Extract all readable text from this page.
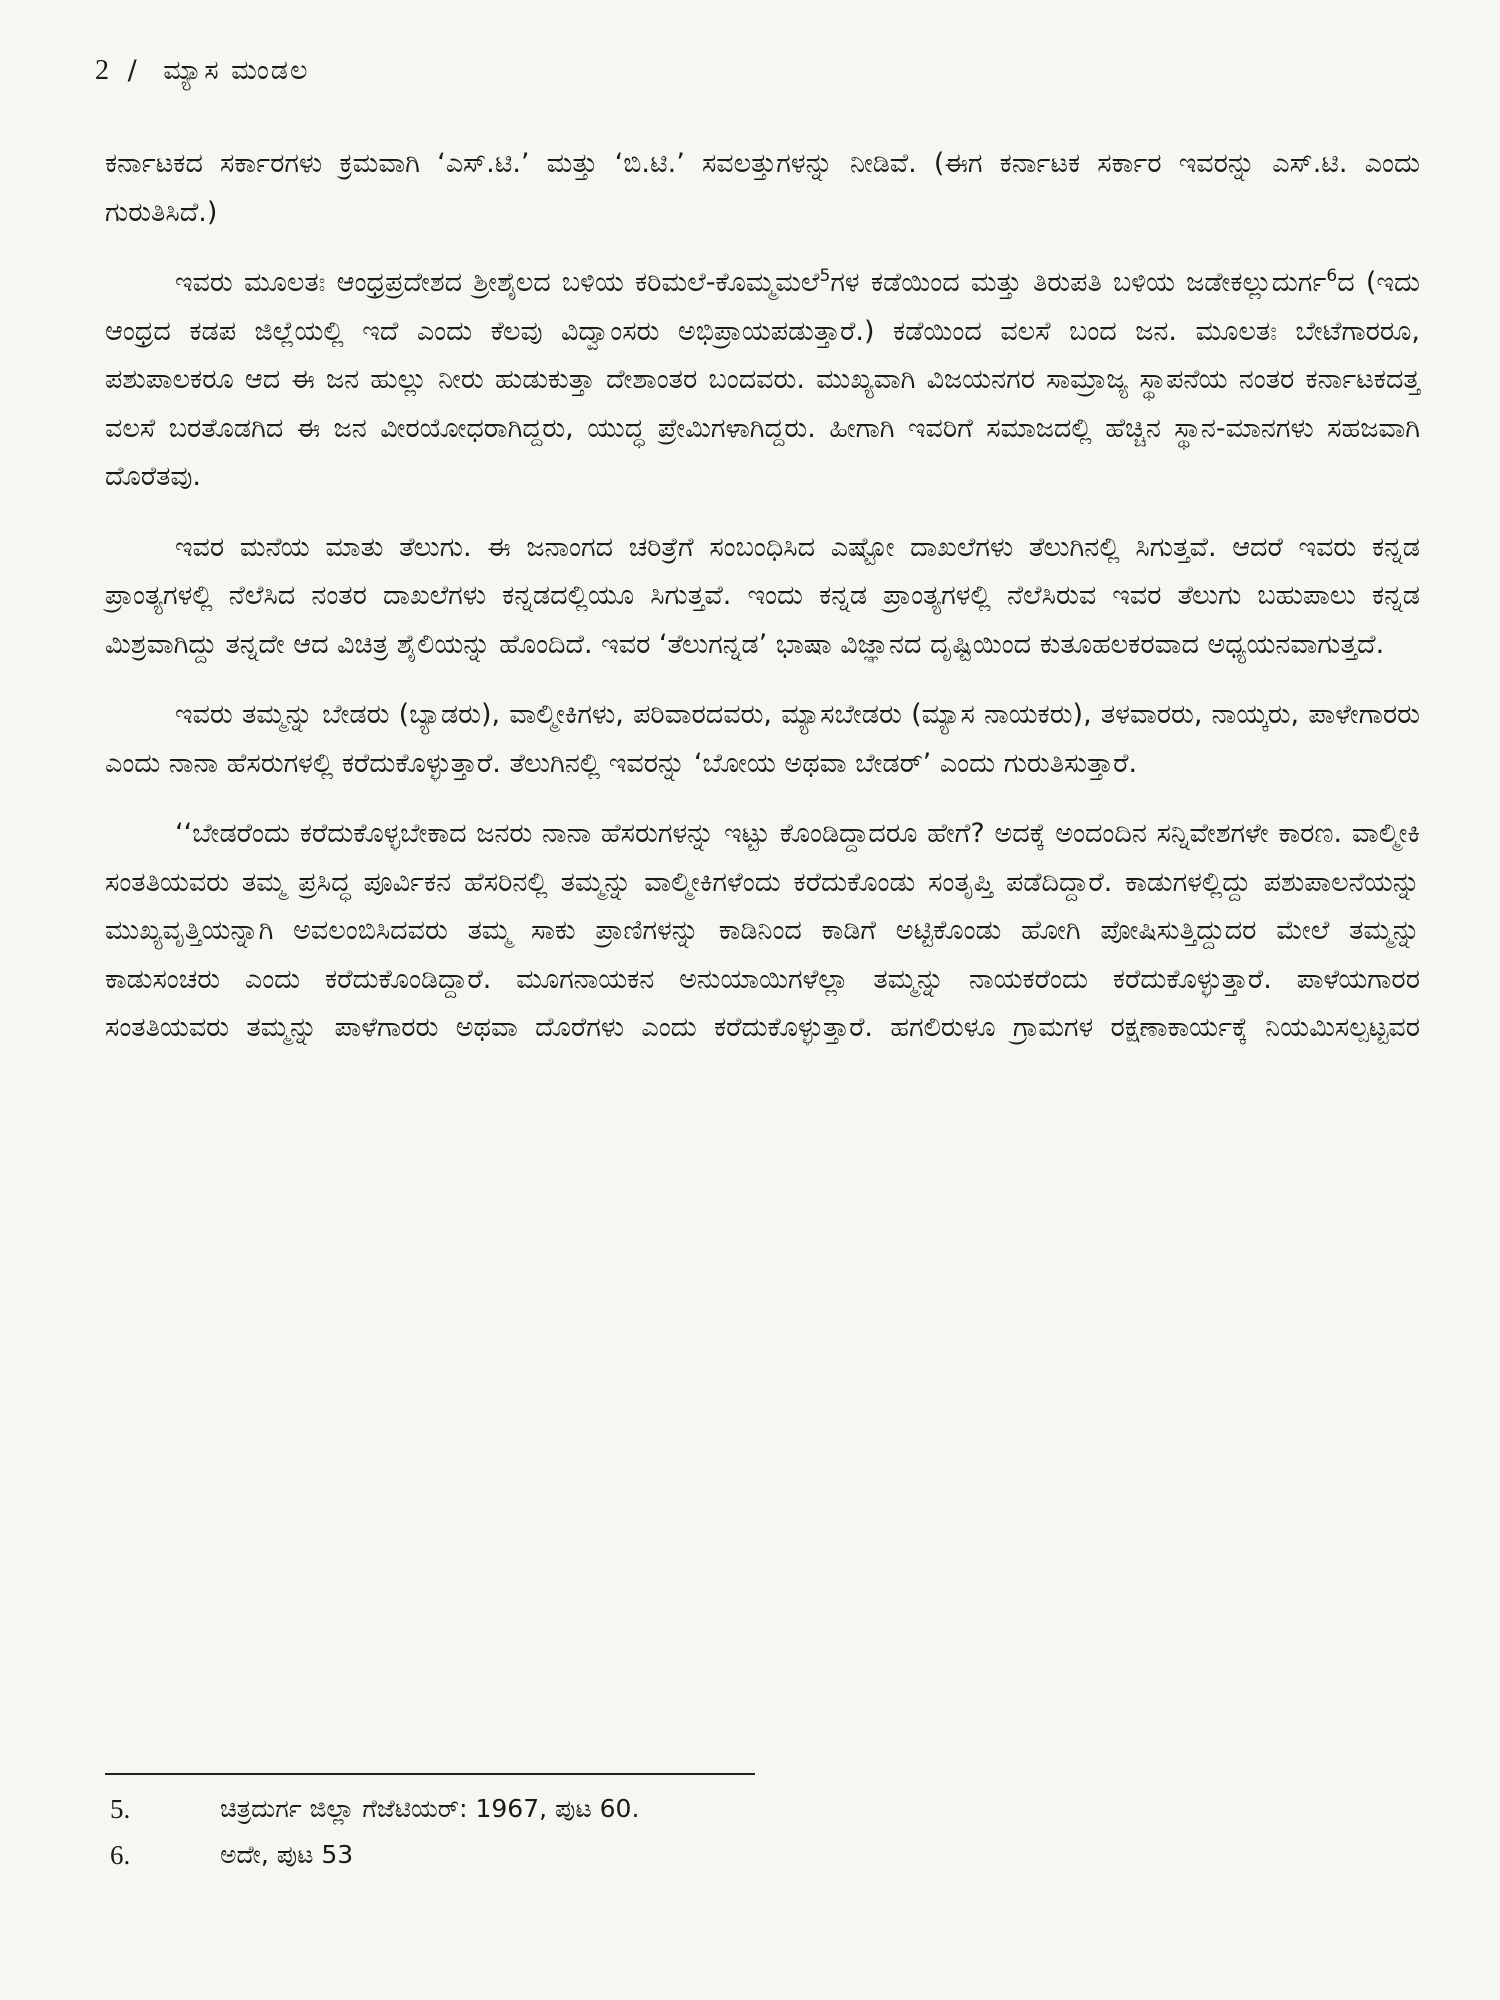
2 / ಮ್ಯಾಸ ಮಂಡಲ

ಕರ್ನಾಟಕದ ಸರ್ಕಾರಗಳು ಕ್ರಮವಾಗಿ ‘ಎಸ್.ಟಿ.’ ಮತ್ತು ‘ಬಿ.ಟಿ.’ ಸವಲತ್ತುಗಳನ್ನು ನೀಡಿವೆ. (ಈಗ ಕರ್ನಾಟಕ ಸರ್ಕಾರ ಇವರನ್ನು ಎಸ್.ಟಿ. ಎಂದು ಗುರುತಿಸಿದೆ.)

ಇವರು ಮೂಲತಃ ಆಂಧ್ರಪ್ರದೇಶದ ಶ್ರೀಶೈಲದ ಬಳಿಯ ಕರಿಮಲೆ-ಕೊಮ್ಮಮಲೆ$^5$ಗಳ ಕಡೆಯಿಂದ ಮತ್ತು ತಿರುಪತಿ ಬಳಿಯ ಜಡೇಕಲ್ಲುದುರ್ಗ$^6$ದ (ಇದು ಆಂಧ್ರದ ಕಡಪ ಜಿಲ್ಲೆಯಲ್ಲಿ ಇದೆ ಎಂದು ಕೆಲವು ವಿದ್ವಾಂಸರು ಅಭಿಪ್ರಾಯಪಡುತ್ತಾರೆ.) ಕಡೆಯಿಂದ ವಲಸೆ ಬಂದ ಜನ. ಮೂಲತಃ ಬೇಟೆಗಾರರೂ, ಪಶುಪಾಲಕರೂ ಆದ ಈ ಜನ ಹುಲ್ಲು ನೀರು ಹುಡುಕುತ್ತಾ ದೇಶಾಂತರ ಬಂದವರು. ಮುಖ್ಯವಾಗಿ ವಿಜಯನಗರ ಸಾಮ್ರಾಜ್ಯ ಸ್ಥಾಪನೆಯ ನಂತರ ಕರ್ನಾಟಕದತ್ತ ವಲಸೆ ಬರತೊಡಗಿದ ಈ ಜನ ವೀರಯೋಧರಾಗಿದ್ದರು, ಯುದ್ಧ ಪ್ರೇಮಿಗಳಾಗಿದ್ದರು. ಹೀಗಾಗಿ ಇವರಿಗೆ ಸಮಾಜದಲ್ಲಿ ಹೆಚ್ಚಿನ ಸ್ಥಾನ-ಮಾನಗಳು ಸಹಜವಾಗಿ ದೊರೆತವು.

ಇವರ ಮನೆಯ ಮಾತು ತೆಲುಗು. ಈ ಜನಾಂಗದ ಚರಿತ್ರೆಗೆ ಸಂಬಂಧಿಸಿದ ಎಷ್ಟೋ ದಾಖಲೆಗಳು ತೆಲುಗಿನಲ್ಲಿ ಸಿಗುತ್ತವೆ. ಆದರೆ ಇವರು ಕನ್ನಡ ಪ್ರಾಂತ್ಯಗಳಲ್ಲಿ ನೆಲೆಸಿದ ನಂತರ ದಾಖಲೆಗಳು ಕನ್ನಡದಲ್ಲಿಯೂ ಸಿಗುತ್ತವೆ. ಇಂದು ಕನ್ನಡ ಪ್ರಾಂತ್ಯಗಳಲ್ಲಿ ನೆಲೆಸಿರುವ ಇವರ ತೆಲುಗು ಬಹುಪಾಲು ಕನ್ನಡ ಮಿಶ್ರವಾಗಿದ್ದು ತನ್ನದೇ ಆದ ವಿಚಿತ್ರ ಶೈಲಿಯನ್ನು ಹೊಂದಿದೆ. ಇವರ ‘ತೆಲುಗನ್ನಡ’ ಭಾಷಾ ವಿಜ್ಞಾನದ ದೃಷ್ಟಿಯಿಂದ ಕುತೂಹಲಕರವಾದ ಅಧ್ಯಯನವಾಗುತ್ತದೆ.

ಇವರು ತಮ್ಮನ್ನು ಬೇಡರು (ಬ್ಯಾಡರು), ವಾಲ್ಮೀಕಿಗಳು, ಪರಿವಾರದವರು, ಮ್ಯಾಸಬೇಡರು (ಮ್ಯಾಸ ನಾಯಕರು), ತಳವಾರರು, ನಾಯ್ಕರು, ಪಾಳೇಗಾರರು ಎಂದು ನಾನಾ ಹೆಸರುಗಳಲ್ಲಿ ಕರೆದುಕೊಳ್ಳುತ್ತಾರೆ. ತೆಲುಗಿನಲ್ಲಿ ಇವರನ್ನು ‘ಬೋಯ ಅಥವಾ ಬೇಡರ್’ ಎಂದು ಗುರುತಿಸುತ್ತಾರೆ.

‘‘ಬೇಡರೆಂದು ಕರೆದುಕೊಳ್ಳಬೇಕಾದ ಜನರು ನಾನಾ ಹೆಸರುಗಳನ್ನು ಇಟ್ಟು ಕೊಂಡಿದ್ದಾದರೂ ಹೇಗೆ? ಅದಕ್ಕೆ ಅಂದಂದಿನ ಸನ್ನಿವೇಶಗಳೇ ಕಾರಣ. ವಾಲ್ಮೀಕಿ ಸಂತತಿಯವರು ತಮ್ಮ ಪ್ರಸಿದ್ಧ ಪೂರ್ವಿಕನ ಹೆಸರಿನಲ್ಲಿ ತಮ್ಮನ್ನು ವಾಲ್ಮೀಕಿಗಳೆಂದು ಕರೆದುಕೊಂಡು ಸಂತೃಪ್ತಿ ಪಡೆದಿದ್ದಾರೆ. ಕಾಡುಗಳಲ್ಲಿದ್ದು ಪಶುಪಾಲನೆಯನ್ನು ಮುಖ್ಯವೃತ್ತಿಯನ್ನಾಗಿ ಅವಲಂಬಿಸಿದವರು ತಮ್ಮ ಸಾಕು ಪ್ರಾಣಿಗಳನ್ನು ಕಾಡಿನಿಂದ ಕಾಡಿಗೆ ಅಟ್ಟಿಕೊಂಡು ಹೋಗಿ ಪೋಷಿಸುತ್ತಿದ್ದುದರ ಮೇಲೆ ತಮ್ಮನ್ನು ಕಾಡುಸಂಚರು ಎಂದು ಕರೆದುಕೊಂಡಿದ್ದಾರೆ. ಮೂಗನಾಯಕನ ಅನುಯಾಯಿಗಳೆಲ್ಲಾ ತಮ್ಮನ್ನು ನಾಯಕರೆಂದು ಕರೆದುಕೊಳ್ಳುತ್ತಾರೆ. ಪಾಳೆಯಗಾರರ ಸಂತತಿಯವರು ತಮ್ಮನ್ನು ಪಾಳೆಗಾರರು ಅಥವಾ ದೊರೆಗಳು ಎಂದು ಕರೆದುಕೊಳ್ಳುತ್ತಾರೆ. ಹಗಲಿರುಳೂ ಗ್ರಾಮಗಳ ರಕ್ಷಣಾಕಾರ್ಯಕ್ಕೆ ನಿಯಮಿಸಲ್ಪಟ್ಟವರ

5.	ಚಿತ್ರದುರ್ಗ ಜಿಲ್ಲಾ ಗೆಜೆಟಿಯರ್: 1967, ಪುಟ 60.
6.	ಅದೇ, ಪುಟ 53
